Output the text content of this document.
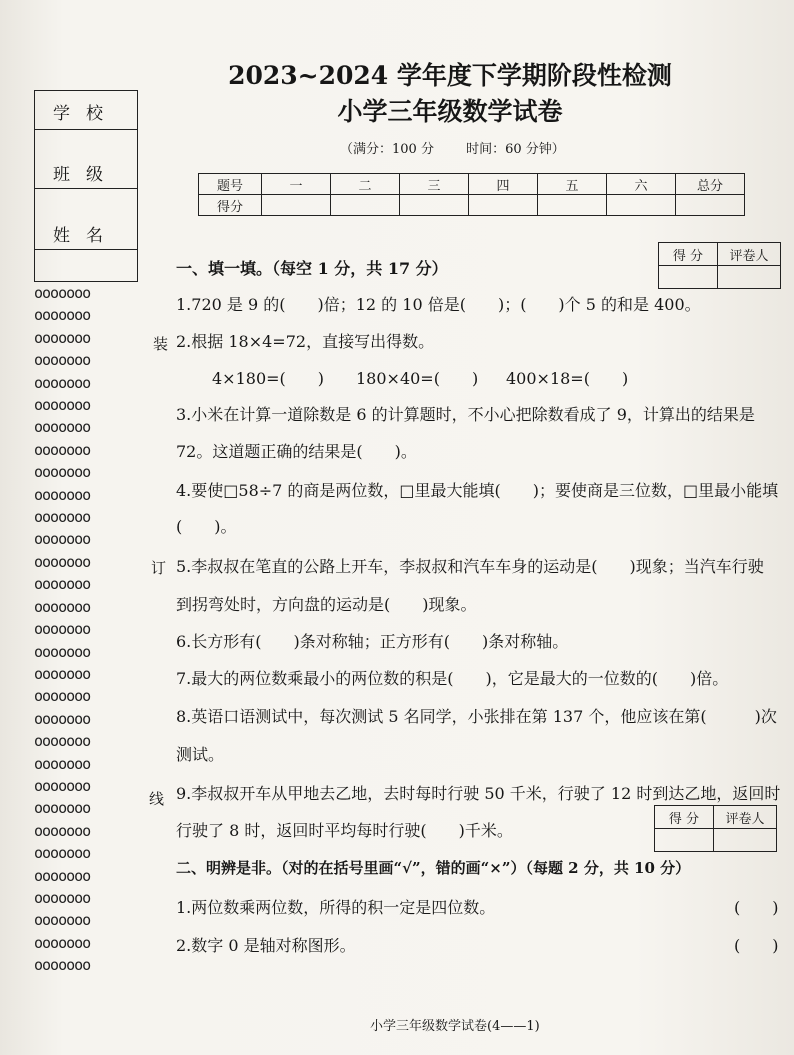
2023~2024 学年度下学期阶段性检测
小学三年级数学试卷
（满分：100 分 时间：60 分钟）
题号	一	二	三	四	五	六	总分
得分							
学校
班级
姓名
ooooooo
ooooooo
ooooooo
ooooooo
ooooooo
ooooooo
ooooooo
ooooooo
ooooooo
ooooooo
ooooooo
ooooooo
ooooooo
ooooooo
ooooooo
ooooooo
ooooooo
ooooooo
ooooooo
ooooooo
ooooooo
ooooooo
ooooooo
ooooooo
ooooooo
ooooooo
ooooooo
ooooooo
ooooooo
ooooooo
ooooooo
装
订
线
得 分	评卷人

一、填一填。（每空 1 分，共 17 分）
1.720 是 9 的(　　)倍；12 的 10 倍是(　　)；(　　)个 5 的和是 400。
2.根据 18×4=72，直接写出得数。
4×180=(　　) 180×40=(　　) 400×18=(　　)
3.小米在计算一道除数是 6 的计算题时，不小心把除数看成了 9，计算出的结果是
72。这道题正确的结果是(　　)。
4.要使□58÷7 的商是两位数，□里最大能填(　　)；要使商是三位数，□里最小能填
(　　)。
5.李叔叔在笔直的公路上开车，李叔叔和汽车车身的运动是(　　)现象；当汽车行驶
到拐弯处时，方向盘的运动是(　　)现象。
6.长方形有(　　)条对称轴；正方形有(　　)条对称轴。
7.最大的两位数乘最小的两位数的积是(　　)，它是最大的一位数的(　　)倍。
8.英语口语测试中，每次测试 5 名同学，小张排在第 137 个，他应该在第(　　　)次
测试。
9.李叔叔开车从甲地去乙地，去时每时行驶 50 千米，行驶了 12 时到达乙地，返回时
行驶了 8 时，返回时平均每时行驶(　　)千米。
得 分	评卷人

二、明辨是非。（对的在括号里画“√”，错的画“×”）（每题 2 分，共 10 分）
1.两位数乘两位数，所得的积一定是四位数。	(　　)
2.数字 0 是轴对称图形。	(　　)
小学三年级数学试卷(4——1)
